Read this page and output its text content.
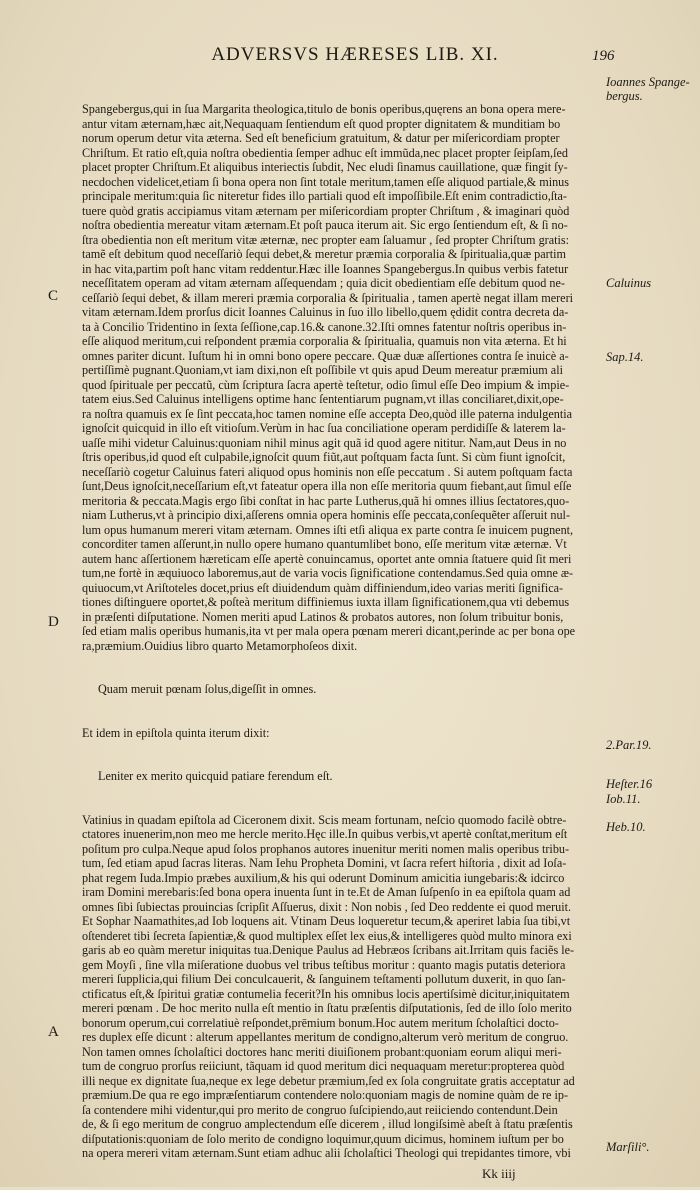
ADVERSVS HÆRESES LIB. XI.	196

Spangebergus,qui in ſua Margarita theologica,titulo de bonis operibus,quęrens an bona opera mere-
antur vitam æternam,hæc ait,Nequaquam ſentiendum eſt quod propter dignitatem & munditiam bo
norum operum detur vita æterna. Sed eſt beneficium gratuitum, & datur per miſericordiam propter
Chriſtum. Et ratio eſt,quia noſtra obedientia ſemper adhuc eſt immũda,nec placet propter ſeipſam,ſed
placet propter Chriſtum.Et aliquibus interiectis ſubdit, Nec eludi ſinamus cauillatione, quæ fingit ſy-
necdochen videlicet,etiam ſi bona opera non ſint totale meritum,tamen eſſe aliquod partiale,& minus
principale meritum:quia ſic niteretur fides illo partiali quod eſt impoſſibile.Eſt enim contradictio,ſta-
tuere quòd gratis accipiamus vitam æternam per miſericordiam propter Chriſtum , & imaginari quòd
noſtra obedientia mereatur vitam æternam.Et poſt pauca iterum ait. Sic ergo ſentiendum eſt, & ſi no-
ſtra obedientia non eſt meritum vitæ æternæ, nec propter eam ſaluamur , ſed propter Chriſtum gratis:
tamẽ eſt debitum quod neceſſariò ſequi debet,& meretur præmia corporalia & ſpiritualia,quæ partim
in hac vita,partim poſt hanc vitam reddentur.Hæc ille Ioannes Spangebergus.In quibus verbis fatetur
neceſſitatem operam ad vitam æternam aſſequendam ; quia dicit obedientiam eſſe debitum quod ne-
ceſſariò ſequi debet, & illam mereri præmia corporalia & ſpiritualia , tamen apertè negat illam mereri
vitam æternam.Idem prorſus dicit Ioannes Caluinus in ſuo illo libello,quem ędidit contra decreta da-
ta à Concilio Tridentino in ſexta ſeſſione,cap.16.& canone.32.Iſti omnes fatentur noſtris operibus in-
eſſe aliquod meritum,cui reſpondent præmia corporalia & ſpiritualia, quamuis non vita æterna. Et hi
omnes pariter dicunt. Iuſtum hi in omni bono opere peccare. Quæ duæ aſſertiones contra ſe inuicè a-
pertiſſimè pugnant.Quoniam,vt iam dixi,non eſt poſſibile vt quis apud Deum mereatur præmium ali
quod ſpirituale per peccatũ, cùm ſcriptura ſacra apertè teſtetur, odio ſimul eſſe Deo impium & impie-
tatem eius.Sed Caluinus intelligens optime hanc ſententiarum pugnam,vt illas conciliaret,dixit,ope-
ra noſtra quamuis ex ſe ſint peccata,hoc tamen nomine eſſe accepta Deo,quòd ille paterna indulgentia
ignoſcit quicquid in illo eſt vitioſum.Verùm in hac ſua conciliatione operam perdidiſſe & laterem la-
uaſſe mihi videtur Caluinus:quoniam nihil minus agit quã id quod agere nititur. Nam,aut Deus in no
ſtris operibus,id quod eſt culpabile,ignoſcit quum fiũt,aut poſtquam facta ſunt. Si cùm fiunt ignoſcit,
neceſſariò cogetur Caluinus fateri aliquod opus hominis non eſſe peccatum . Si autem poſtquam facta
ſunt,Deus ignoſcit,neceſſarium eſt,vt fateatur opera illa non eſſe meritoria quum fiebant,aut ſimul eſſe
meritoria & peccata.Magis ergo ſibi conſtat in hac parte Lutherus,quã hi omnes illius ſectatores,quo-
niam Lutherus,vt à principio dixi,aſſerens omnia opera hominis eſſe peccata,conſequẽter aſſeruit nul-
lum opus humanum mereri vitam æternam. Omnes iſti etſi aliqua ex parte contra ſe inuicem pugnent,
concorditer tamen aſſerunt,in nullo opere humano quantumlibet bono, eſſe meritum vitæ æternæ. Vt
autem hanc aſſertionem hæreticam eſſe apertè conuincamus, oportet ante omnia ſtatuere quid ſit meri
tum,ne fortè in æquiuoco laboremus,aut de varia vocis ſignificatione contendamus.Sed quia omne æ-
quiuocum,vt Ariſtoteles docet,prius eſt diuidendum quàm diffiniendum,ideo varias meriti ſignifica-
tiones diſtinguere oportet,& poſteà meritum diffiniemus iuxta illam ſignificationem,qua vti debemus
in præſenti diſputatione. Nomen meriti apud Latinos & probatos autores, non ſolum tribuitur bonis,
ſed etiam malis operibus humanis,ita vt per mala opera pœnam mereri dicant,perinde ac per bona ope
ra,præmium.Ouidius libro quarto Metamorphoſeos dixit.

Quam meruit pœnam ſolus,digeſſit in omnes.

Et idem in epiſtola quinta iterum dixit:

Leniter ex merito quicquid patiare ferendum eſt.

Vatinius in quadam epiſtola ad Ciceronem dixit. Scis meam fortunam, neſcio quomodo facilè obtre-
ctatores inuenerim,non meo me hercle merito.Hęc ille.In quibus verbis,vt apertè conſtat,meritum eſt
poſitum pro culpa.Neque apud ſolos prophanos autores inuenitur meriti nomen malis operibus tribu-
tum, ſed etiam apud ſacras literas. Nam Iehu Propheta Domini, vt ſacra refert hiſtoria , dixit ad Ioſa-
phat regem Iuda.Impio præbes auxilium,& his qui oderunt Dominum amicitia iungebaris:& idcirco
iram Domini merebaris:ſed bona opera inuenta ſunt in te.Et de Aman ſuſpenſo in ea epiſtola quam ad
omnes ſibi ſubiectas prouincias ſcripſit Aſſuerus, dixit : Non nobis , ſed Deo reddente ei quod meruit.
Et Sophar Naamathites,ad Iob loquens ait. Vtinam Deus loqueretur tecum,& aperiret labia ſua tibi,vt
oſtenderet tibi ſecreta ſapientiæ,& quod multiplex eſſet lex eius,& intelligeres quòd multo minora exi
garis ab eo quàm meretur iniquitas tua.Denique Paulus ad Hebræos ſcribans ait.Irritam quis faciẽs le-
gem Moyſi , ſine vlla miſeratione duobus vel tribus teſtibus moritur : quanto magis putatis deteriora
mereri ſupplicia,qui filium Dei conculcauerit, & ſanguinem teſtamenti pollutum duxerit, in quo ſan-
ctificatus eſt,& ſpiritui gratiæ contumelia fecerit?In his omnibus locis apertiſsimè dicitur,iniquitatem
mereri pœnam . De hoc merito nulla eſt mentio in ſtatu præſentis diſputationis, ſed de illo ſolo merito
bonorum operum,cui correlatiuè reſpondet,prēmium bonum.Hoc autem meritum ſcholaſtici docto-
res duplex eſſe dicunt : alterum appellantes meritum de condigno,alterum verò meritum de congruo.
Non tamen omnes ſcholaſtici doctores hanc meriti diuiſionem probant:quoniam eorum aliqui meri-
tum de congruo prorſus reiiciunt, tãquam id quod meritum dici nequaquam meretur:propterea quòd
illi neque ex dignitate ſua,neque ex lege debetur præmium,ſed ex ſola congruitate gratis acceptatur ad
præmium.De qua re ego impræſentiarum contendere nolo:quoniam magis de nomine quàm de re ip-
ſa contendere mihi videntur,qui pro merito de congruo ſuſcipiendo,aut reiiciendo contendunt.Dein
de, & ſi ego meritum de congruo amplectendum eſſe dicerem , illud longiſsimè abeſt à ſtatu præſentis
diſputationis:quoniam de ſolo merito de condigno loquimur,quum dicimus, hominem iuſtum per bo
na opera mereri vitam æternam.Sunt etiam adhuc alii ſcholaſtici Theologi qui trepidantes timore, vbi

Ioannes Spange-bergus.
Caluinus
Sap.14.
2.Par.19.
Heſter.16
Iob.11.
Heb.10.
Marſili°.
C
D
A
Kk iiij
